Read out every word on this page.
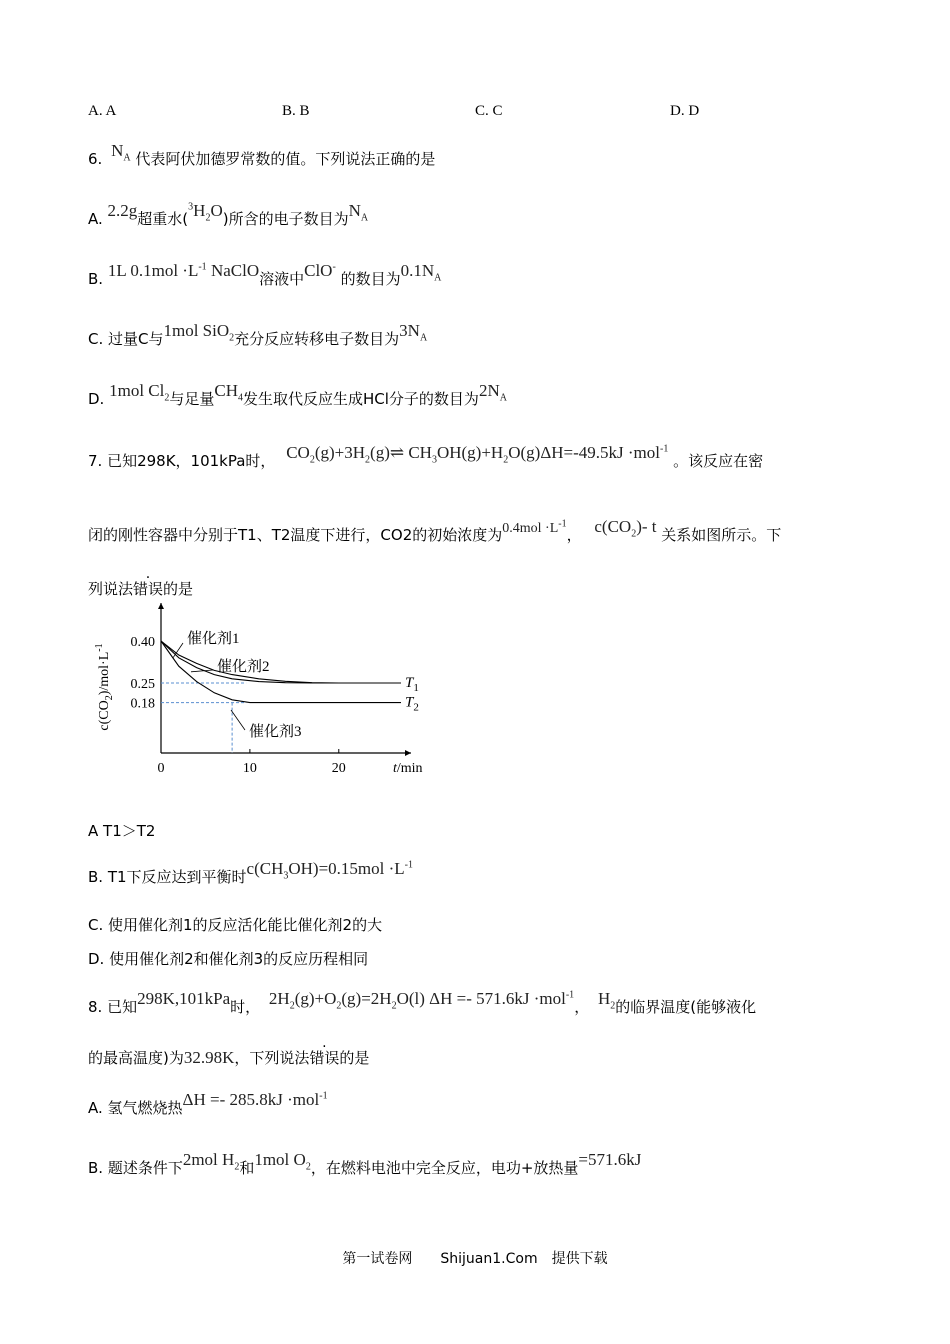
A. A	B. B	C. C	D. D
6. $N_A$ 代表阿伏加德罗常数的值。下列说法正确的是
A. 2.2g超重水$(^3H_2O)$所含的电子数目为$N_A$
B. 1L $0.1mol \cdot L^{-1}$ NaClO溶液中ClO- 的数目为$0.1N_A$
C. 过量C与1mol SiO$_2$充分反应转移电子数目为$3N_A$
D. 1mol $Cl_2$与足量$CH_4$发生取代反应生成HCl分子的数目为$2N_A$
7. 已知298K，101kPa时， $CO_2(g)+3H_2(g)\rightleftharpoons$ $CH_3OH(g)+H_2O(g)\Delta H=-49.5kJ \cdot mol^{-1}$ 。该反应在密
闭的刚性容器中分别于T1、T2温度下进行，CO2的初始浓度为$0.4mol \cdot L^{-1}$， $c(CO_2)-$ t 关系如图所示。下
列说法错误的是
0	10	20
0.40
0.25
0.18
催化剂1
催化剂2
催化剂3
$T_1$
$T_2$
t/min
$c(CO_2)/mol\cdot L^{-1}$
A T1＞T2
B. T1下反应达到平衡时$c(CH_3OH)=0.15mol \cdot L^{-1}$
C. 使用催化剂1的反应活化能比催化剂2的大
D. 使用催化剂2和催化剂3的反应历程相同
8. 已知298K,101kPa时， $2H_2(g)+O_2(g)=2H_2O(l) \Delta H =- 571.6kJ \cdot mol^{-1}$， $H_2$的临界温度(能够液化
的最高温度)为32.98K，下列说法错误的是
A. 氢气燃烧热ΔH =- 285.8kJ ·mol$^{-1}$
B. 题述条件下2mol $H_2$和1mol $O_2$，在燃料电池中完全反应，电功+放热量=571.6kJ
第一试卷网　　Shijuan1.Com　提供下载
